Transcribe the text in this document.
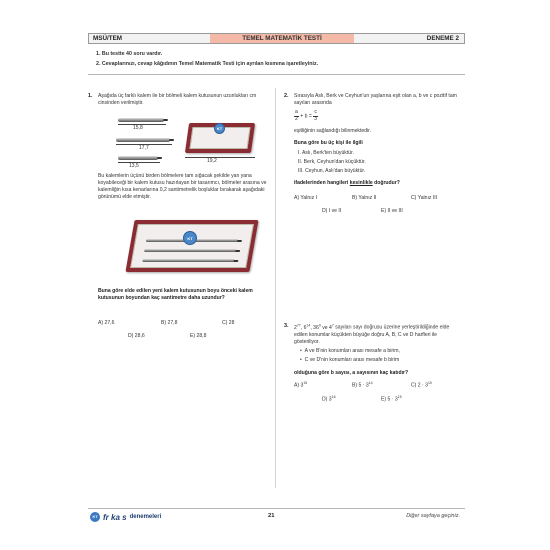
MSÜ/TEM	TEMEL MATEMATİK TESTİ	DENEME 2
1. Bu testte 40 soru vardır.
2. Cevaplarınızı, cevap kâğıdının Temel Matematik Testi için ayrılan kısmına işaretleyiniz.
1. Aşağıda üç farklı kalem ile bir bölmeli kalem kutusunun uzunlukları cm cinsinden verilmiştir.
15,8
17,7
13,5
KT
19,2
Bu kalemlerin üçünü birden bölmelere tam sığacak şekilde yan yana koyabileceği bir kalem kutusu hazırlayan bir tasarımcı, bölmeler arasına ve kalemliğin kısa kenarlarına 0,2 santimetrelik boşluklar bırakarak aşağıdaki görünümü elde etmiştir.
KT
Buna göre elde edilen yeni kalem kutusunun boyu önceki kalem kutusunun boyundan kaç santimetre daha uzundur?
A) 27,6	B) 27,8	C) 28
D) 28,6	E) 28,8
2. Sırasıyla Aslı, Berk ve Ceyhun'un yaşlarına eşit olan a, b ve c pozitif tam sayıları arasında
$\frac{a}{2} + b = \frac{c}{3}$
eşitliğinin sağlandığı bilinmektedir.
Buna göre bu üç kişi ile ilgili
I. Aslı, Berk'ten büyüktür.
II. Berk, Ceyhun'dan küçüktür.
III. Ceyhun, Aslı'dan büyüktür.
ifadelerinden hangileri kesinlikle doğrudur?
A) Yalnız I	B) Yalnız II	C) Yalnız III
D) I ve II	E) II ve III
3. $2^{77}$, $6^{14}$, $36^9$ ve $4^7$ sayıları sayı doğrusu üzerine yerleştirildiğinde elde edilen konumlar küçükten büyüğe doğru A, B, C ve D harfleri ile gösteriliyor.
•  A ve B'nin konumları arası mesafe a birim,
•  C ve D'nin konumları arası mesafe b birim
olduğuna göre b sayısı, a sayısının kaç katıdır?
A) $3^{15}$	B) $5 \cdot 3^{14}$	C) $2 \cdot 3^{10}$
D) $3^{16}$	E) $5 \cdot 3^{15}$
KT fr ka s denemeleri	21	Diğer sayfaya geçiniz.
